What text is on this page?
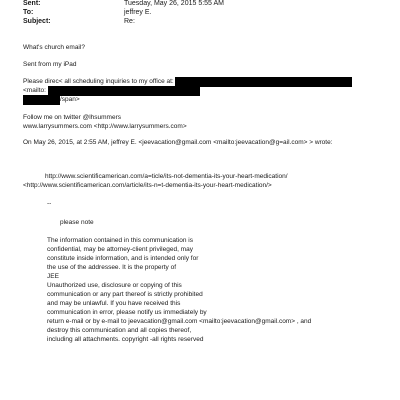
Sent:	Tuesday, May 26, 2015 5:55 AM
To:	jeffrey E.
Subject:	Re:
What's church email?
Sent from my iPad
Please direc< all scheduling inquiries to my office at:
<mailto:
/span>
Follow me on twitter @lhsummers
www.larrysummers.com <http://www.larrysummers.com>
On May 26, 2015, at 2:55 AM, jeffrey E. <jeevacation@gmail.com <mailto:jeevacation@g=ail.com> > wrote:
http://www.scientificamerican.com/a=ticle/its-not-dementia-its-your-heart-medication/
<http://www.scientificamerican.com/article/its-n=t-dementia-its-your-heart-medication/>
--
please note
The information contained in this communication is
confidential, may be attorney-client privileged, may
constitute inside information, and is intended only for
the use of the addressee. It is the property of
JEE
Unauthorized use, disclosure or copying of this
communication or any part thereof is strictly prohibited
and may be unlawful. If you have received this
communication in error, please notify us immediately by
return e-mail or by e-mail to jeevacation@gmail.com <mailto:jeevacation@gmail.com> , and
destroy this communication and all copies thereof,
including all attachments. copyright -all rights reserved
